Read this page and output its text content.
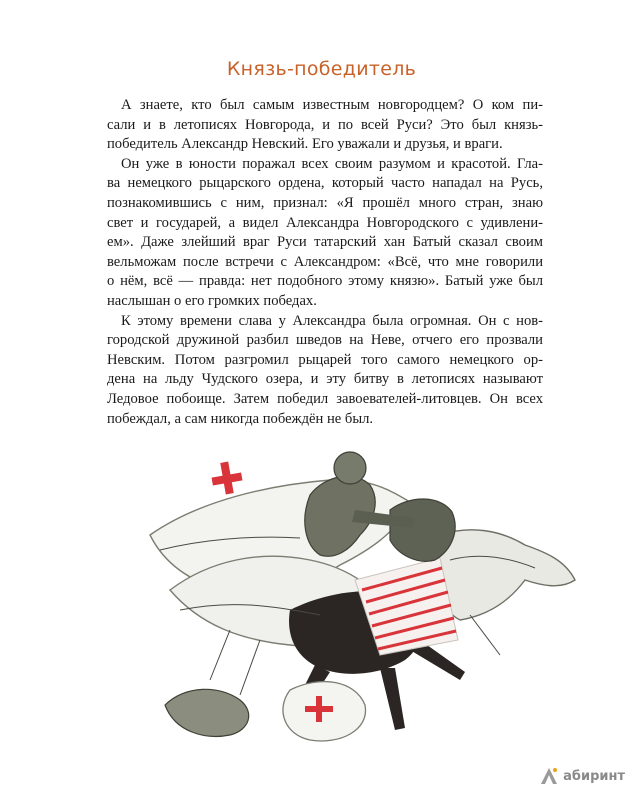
Князь-победитель
А знаете, кто был самым известным новгородцем? О ком пи-
сали и в летописях Новгорода, и по всей Руси? Это был князь-
победитель Александр Невский. Его уважали и друзья, и враги.
Он уже в юности поражал всех своим разумом и красотой. Гла-
ва немецкого рыцарского ордена, который часто нападал на Русь,
познакомившись с ним, признал: «Я прошёл много стран, знаю
свет и государей, а видел Александра Новгородского с удивлени-
ем». Даже злейший враг Руси татарский хан Батый сказал своим
вельможам после встречи с Александром: «Всё, что мне говорили
о нём, всё — правда: нет подобного этому князю». Батый уже был
наслышан о его громких победах.
К этому времени слава у Александра была огромная. Он с нов-
городской дружиной разбил шведов на Неве, отчего его прозвали
Невским. Потом разгромил рыцарей того самого немецкого ор-
дена на льду Чудского озера, и эту битву в летописях называют
Ледовое побоище. Затем победил завоевателей-литовцев. Он всех
побеждал, а сам никогда побеждён не был.
абиринт
